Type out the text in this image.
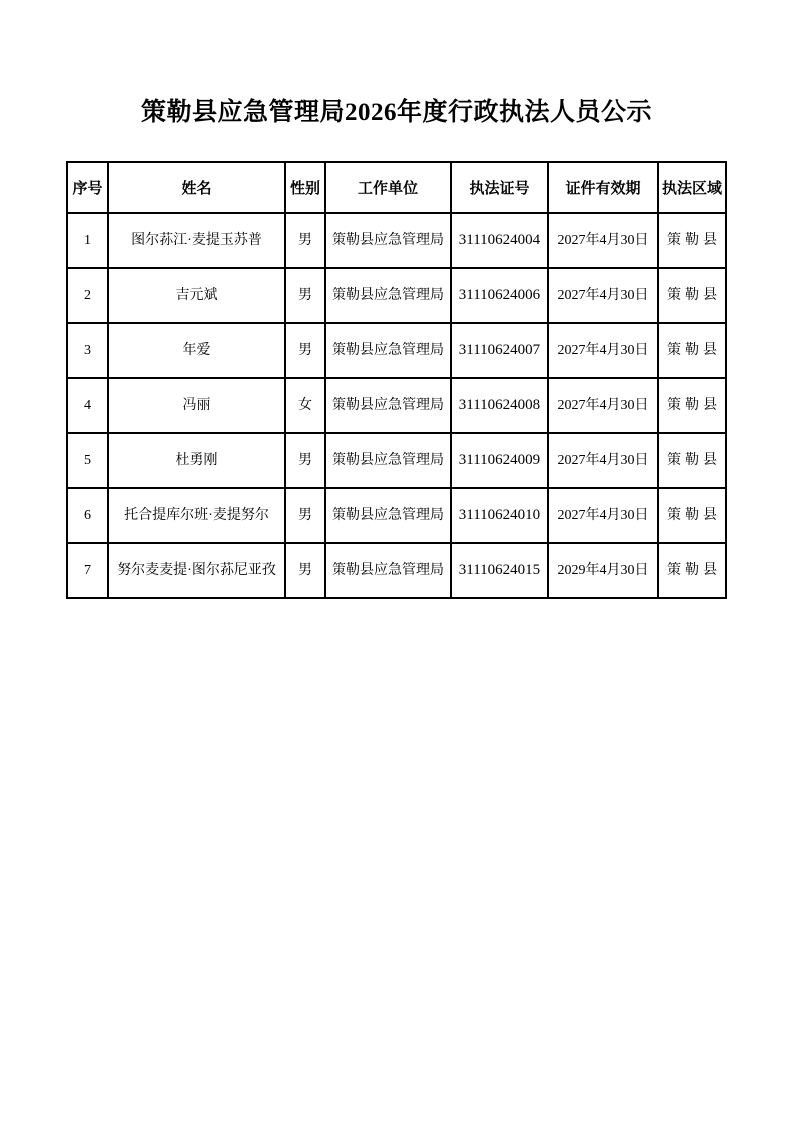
策勒县应急管理局2026年度行政执法人员公示
序号	姓名	性别	工作单位	执法证号	证件有效期	执法区域
1	图尔荪江·麦提玉苏普	男	策勒县应急管理局	31110624004	2027年4月30日	策勒县
2	吉元斌	男	策勒县应急管理局	31110624006	2027年4月30日	策勒县
3	年爱	男	策勒县应急管理局	31110624007	2027年4月30日	策勒县
4	冯丽	女	策勒县应急管理局	31110624008	2027年4月30日	策勒县
5	杜勇刚	男	策勒县应急管理局	31110624009	2027年4月30日	策勒县
6	托合提库尔班·麦提努尔	男	策勒县应急管理局	31110624010	2027年4月30日	策勒县
7	努尔麦麦提·图尔荪尼亚孜	男	策勒县应急管理局	31110624015	2029年4月30日	策勒县
